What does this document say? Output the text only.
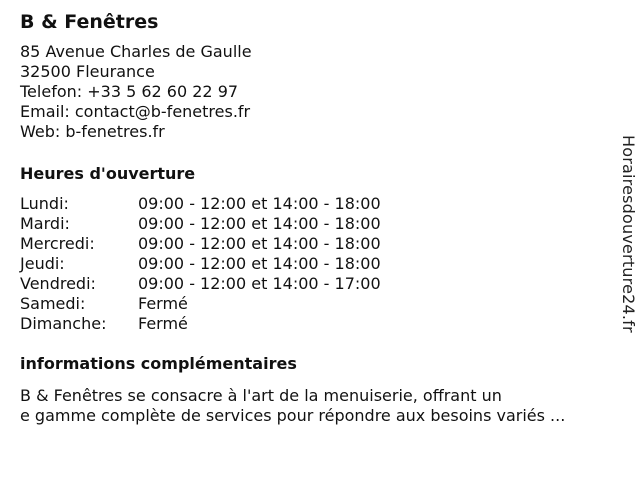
B & Fenêtres
85 Avenue Charles de Gaulle
32500 Fleurance
Telefon: +33 5 62 60 22 97
Email: contact@b-fenetres.fr
Web: b-fenetres.fr
Heures d'ouverture
Lundi:	09:00 - 12:00 et 14:00 - 18:00
Mardi:	09:00 - 12:00 et 14:00 - 18:00
Mercredi:	09:00 - 12:00 et 14:00 - 18:00
Jeudi:	09:00 - 12:00 et 14:00 - 18:00
Vendredi:	09:00 - 12:00 et 14:00 - 17:00
Samedi:	Fermé
Dimanche:	Fermé
informations complémentaires
B & Fenêtres se consacre à l'art de la menuiserie, offrant un
e gamme complète de services pour répondre aux besoins variés ...
Horairesdouverture24.fr
